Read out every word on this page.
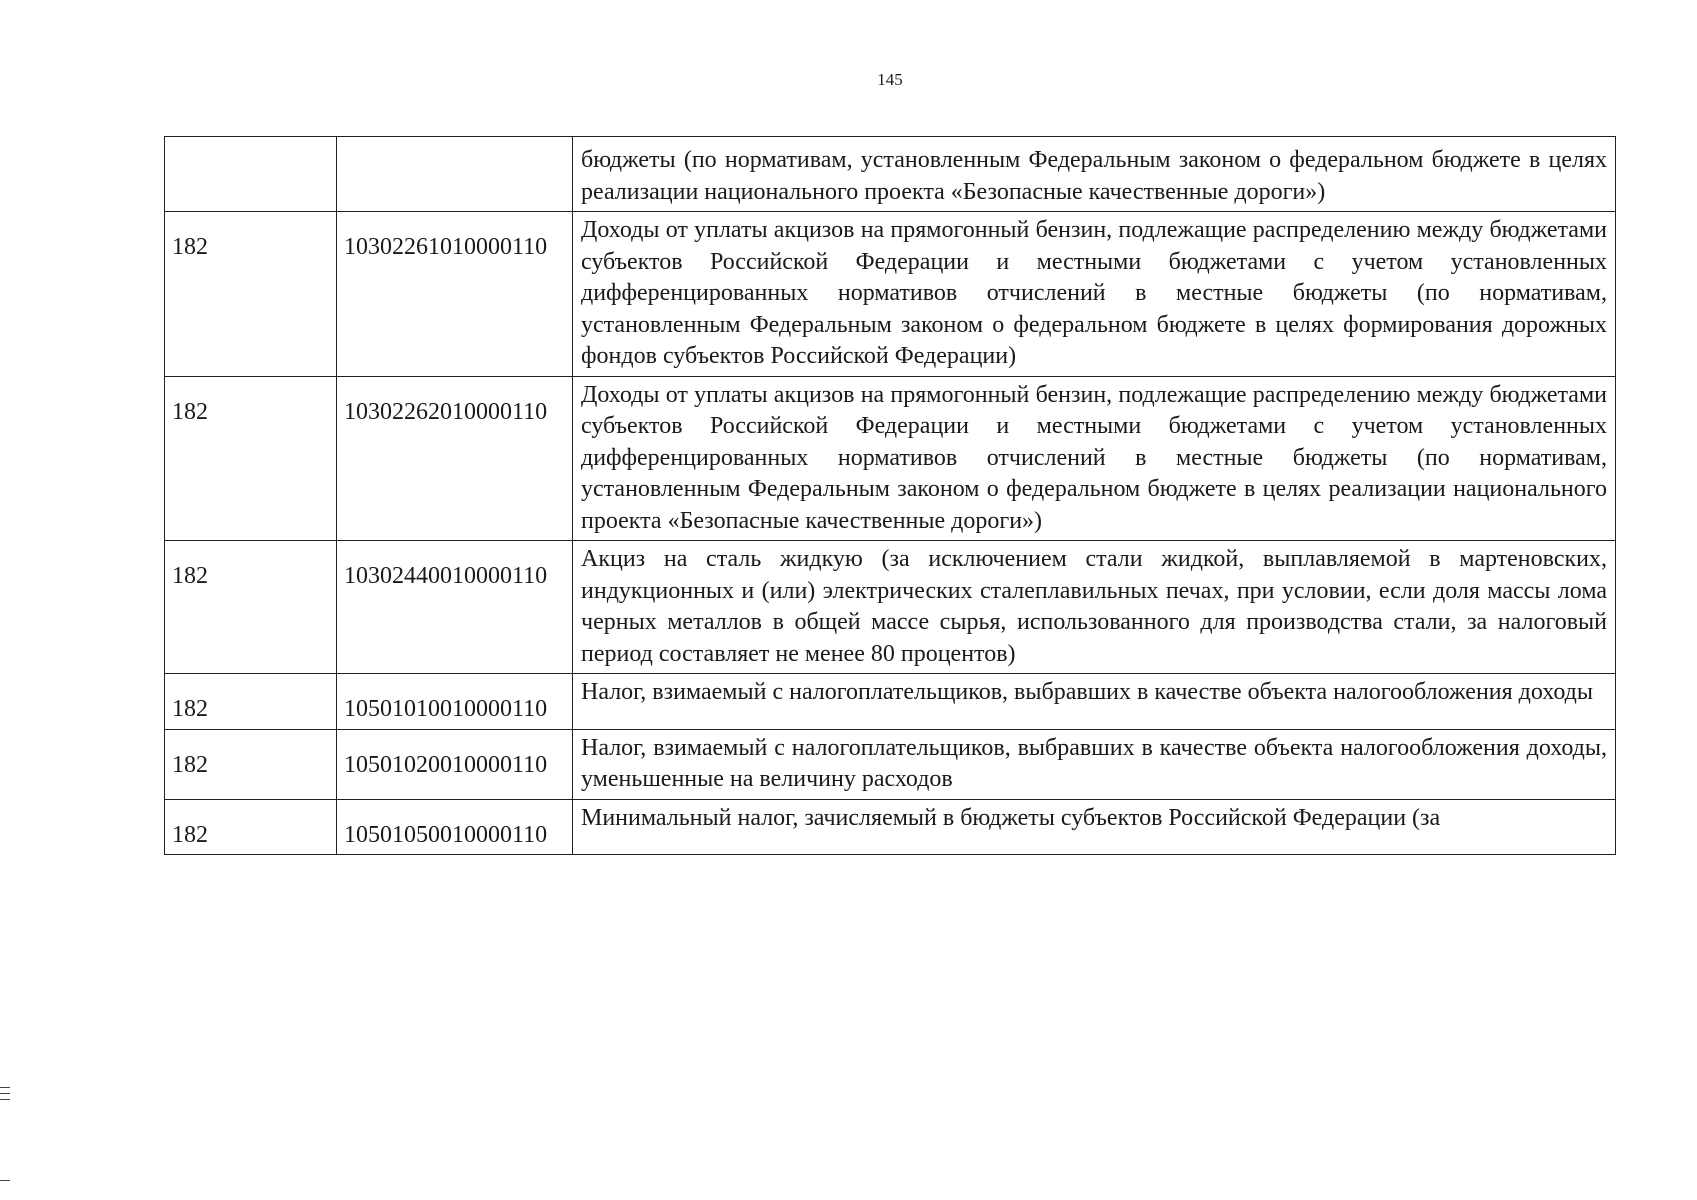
145
		бюджеты (по нормативам, установленным Федеральным законом о федеральном бюджете в целях реализации национального проекта «Безопасные качественные дороги»)
182	10302261010000110	Доходы от уплаты акцизов на прямогонный бензин, подлежащие распределению между бюджетами субъектов Российской Федерации и местными бюджетами с учетом установленных дифференцированных нормативов отчислений в местные бюджеты (по нормативам, установленным Федеральным законом о федеральном бюджете в целях формирования дорожных фондов субъектов Российской Федерации)
182	10302262010000110	Доходы от уплаты акцизов на прямогонный бензин, подлежащие распределению между бюджетами субъектов Российской Федерации и местными бюджетами с учетом установленных дифференцированных нормативов отчислений в местные бюджеты (по нормативам, установленным Федеральным законом о федеральном бюджете в целях реализации национального проекта «Безопасные качественные дороги»)
182	10302440010000110	Акциз на сталь жидкую (за исключением стали жидкой, выплавляемой в мартеновских, индукционных и (или) электрических сталеплавильных печах, при условии, если доля массы лома черных металлов в общей массе сырья, использованного для производства стали, за налоговый период составляет не менее 80 процентов)
182	10501010010000110	Налог, взимаемый с налогоплательщиков, выбравших в качестве объекта налогообложения доходы
182	10501020010000110	Налог, взимаемый с налогоплательщиков, выбравших в качестве объекта налогообложения доходы, уменьшенные на величину расходов
182	10501050010000110	Минимальный налог, зачисляемый в бюджеты субъектов Российской Федерации (за
